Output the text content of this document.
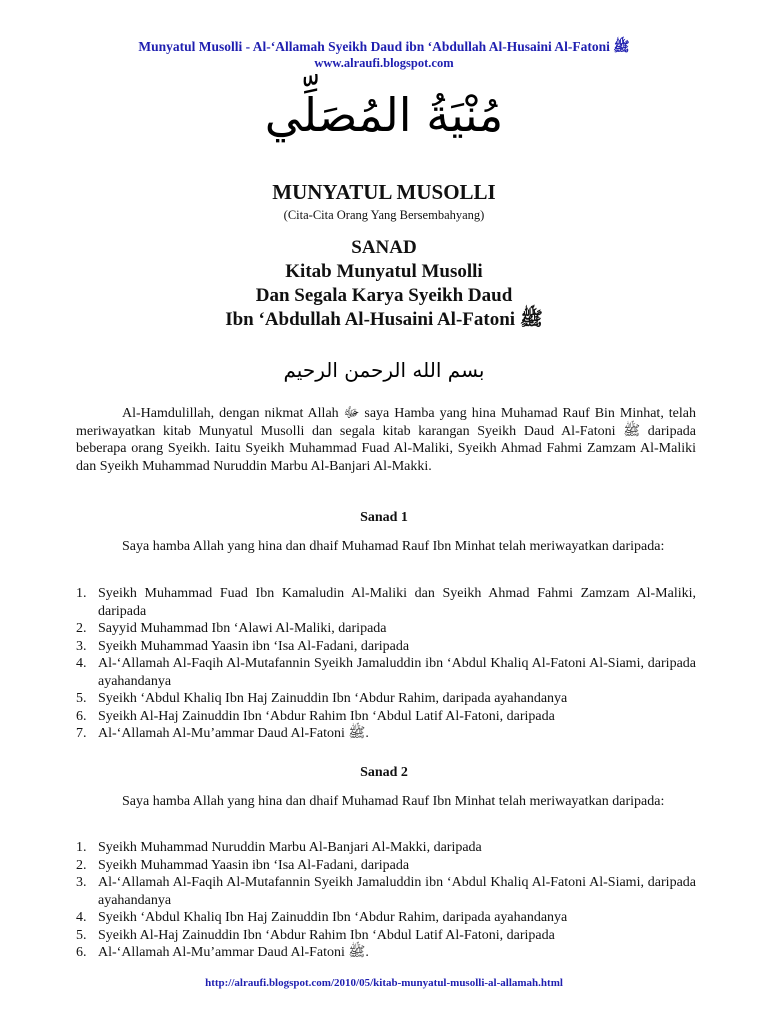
Munyatul Musolli - Al-‘Allamah Syeikh Daud ibn ‘Abdullah Al-Husaini Al-Fatoni ﷺ
www.alraufi.blogspot.com
مُنْيَةُ المُصَلِّي
MUNYATUL MUSOLLI
(Cita-Cita Orang Yang Bersembahyang)
SANAD
Kitab Munyatul Musolli
Dan Segala Karya Syeikh Daud
Ibn ‘Abdullah Al-Husaini Al-Fatoni ﷺ
بسم الله الرحمن الرحيم
Al-Hamdulillah, dengan nikmat Allah ﷻ saya Hamba yang hina Muhamad Rauf Bin Minhat, telah meriwayatkan kitab Munyatul Musolli dan segala kitab karangan Syeikh Daud Al-Fatoni ﷺ daripada beberapa orang Syeikh. Iaitu Syeikh Muhammad Fuad Al-Maliki, Syeikh Ahmad Fahmi Zamzam Al-Maliki dan Syeikh Muhammad Nuruddin Marbu Al-Banjari Al-Makki.
Sanad 1
Saya hamba Allah yang hina dan dhaif Muhamad Rauf Ibn Minhat telah meriwayatkan daripada:
1. Syeikh Muhammad Fuad Ibn Kamaludin Al-Maliki dan Syeikh Ahmad Fahmi Zamzam Al-Maliki, daripada
2. Sayyid Muhammad Ibn ‘Alawi Al-Maliki, daripada
3. Syeikh Muhammad Yaasin ibn ‘Isa Al-Fadani, daripada
4. Al-‘Allamah Al-Faqih Al-Mutafannin Syeikh Jamaluddin ibn ‘Abdul Khaliq Al-Fatoni Al-Siami, daripada ayahandanya
5. Syeikh ‘Abdul Khaliq Ibn Haj Zainuddin Ibn ‘Abdur Rahim, daripada ayahandanya
6. Syeikh Al-Haj Zainuddin Ibn ‘Abdur Rahim Ibn ‘Abdul Latif Al-Fatoni, daripada
7. Al-‘Allamah Al-Mu’ammar Daud Al-Fatoni ﷺ.
Sanad 2
Saya hamba Allah yang hina dan dhaif Muhamad Rauf Ibn Minhat telah meriwayatkan daripada:
1. Syeikh Muhammad Nuruddin Marbu Al-Banjari Al-Makki, daripada
2. Syeikh Muhammad Yaasin ibn ‘Isa Al-Fadani, daripada
3. Al-‘Allamah Al-Faqih Al-Mutafannin Syeikh Jamaluddin ibn ‘Abdul Khaliq Al-Fatoni Al-Siami, daripada ayahandanya
4. Syeikh ‘Abdul Khaliq Ibn Haj Zainuddin Ibn ‘Abdur Rahim, daripada ayahandanya
5. Syeikh Al-Haj Zainuddin Ibn ‘Abdur Rahim Ibn ‘Abdul Latif Al-Fatoni, daripada
6. Al-‘Allamah Al-Mu’ammar Daud Al-Fatoni ﷺ.
http://alraufi.blogspot.com/2010/05/kitab-munyatul-musolli-al-allamah.html
